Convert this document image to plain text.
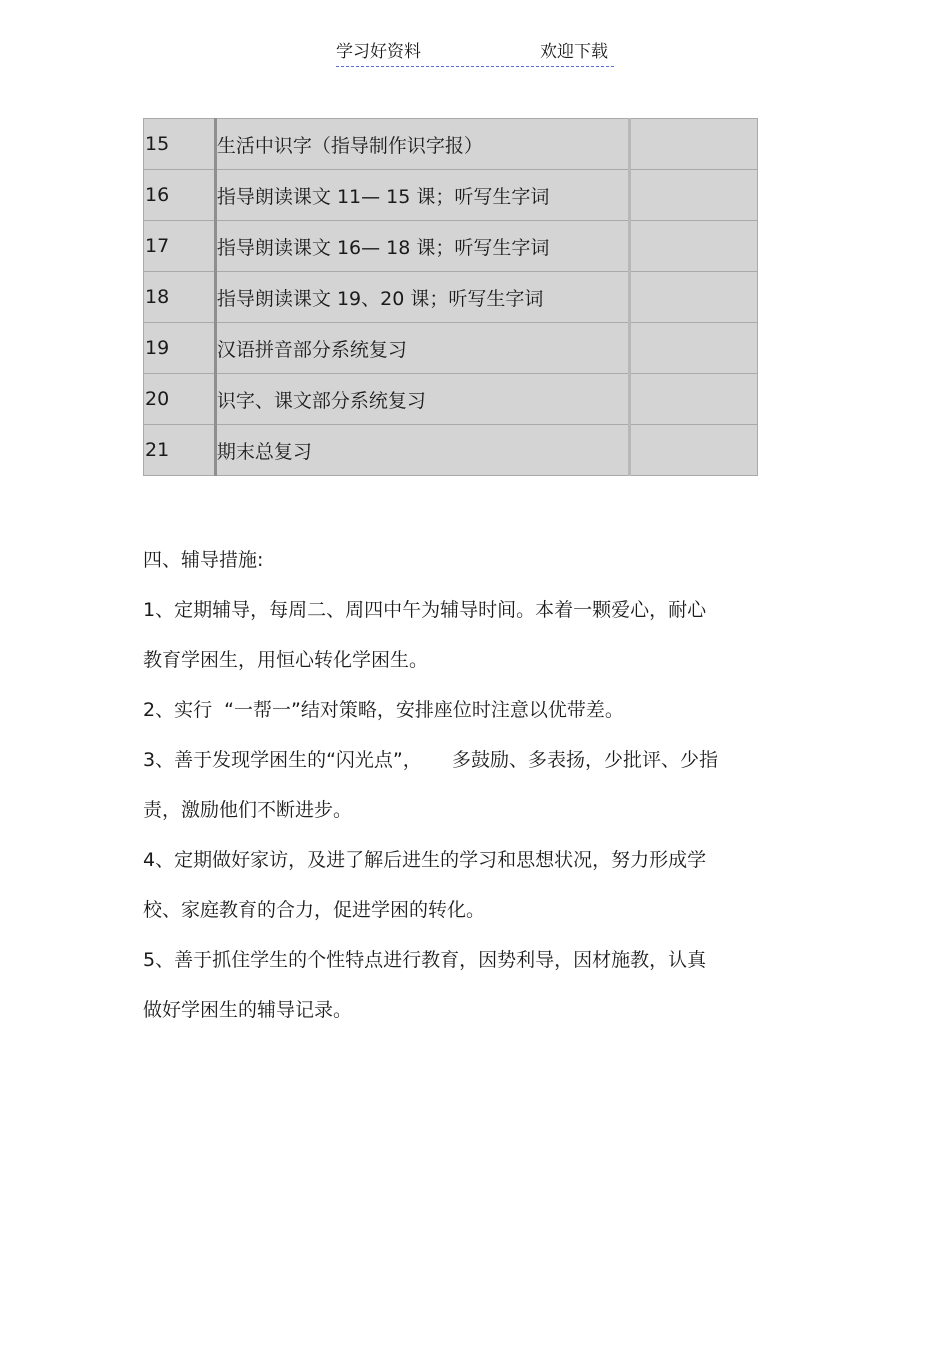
学习好资料	欢迎下载
15	生活中识字（指导制作识字报）	
16	指导朗读课文 11— 15 课；听写生字词	
17	指导朗读课文 16— 18 课；听写生字词	
18	指导朗读课文 19、20 课；听写生字词	
19	汉语拼音部分系统复习	
20	识字、课文部分系统复习	
21	期末总复习	

四、辅导措施:

1、定期辅导，每周二、周四中午为辅导时间。本着一颗爱心，耐心

教育学困生，用恒心转化学困生。

2、实行  “一帮一”结对策略，安排座位时注意以优带差。

3、善于发现学困生的“闪光点”，     多鼓励、多表扬，少批评、少指

责，激励他们不断进步。

4、定期做好家访，及进了解后进生的学习和思想状况，努力形成学

校、家庭教育的合力，促进学困的转化。

5、善于抓住学生的个性特点进行教育，因势利导，因材施教，认真

做好学困生的辅导记录。
